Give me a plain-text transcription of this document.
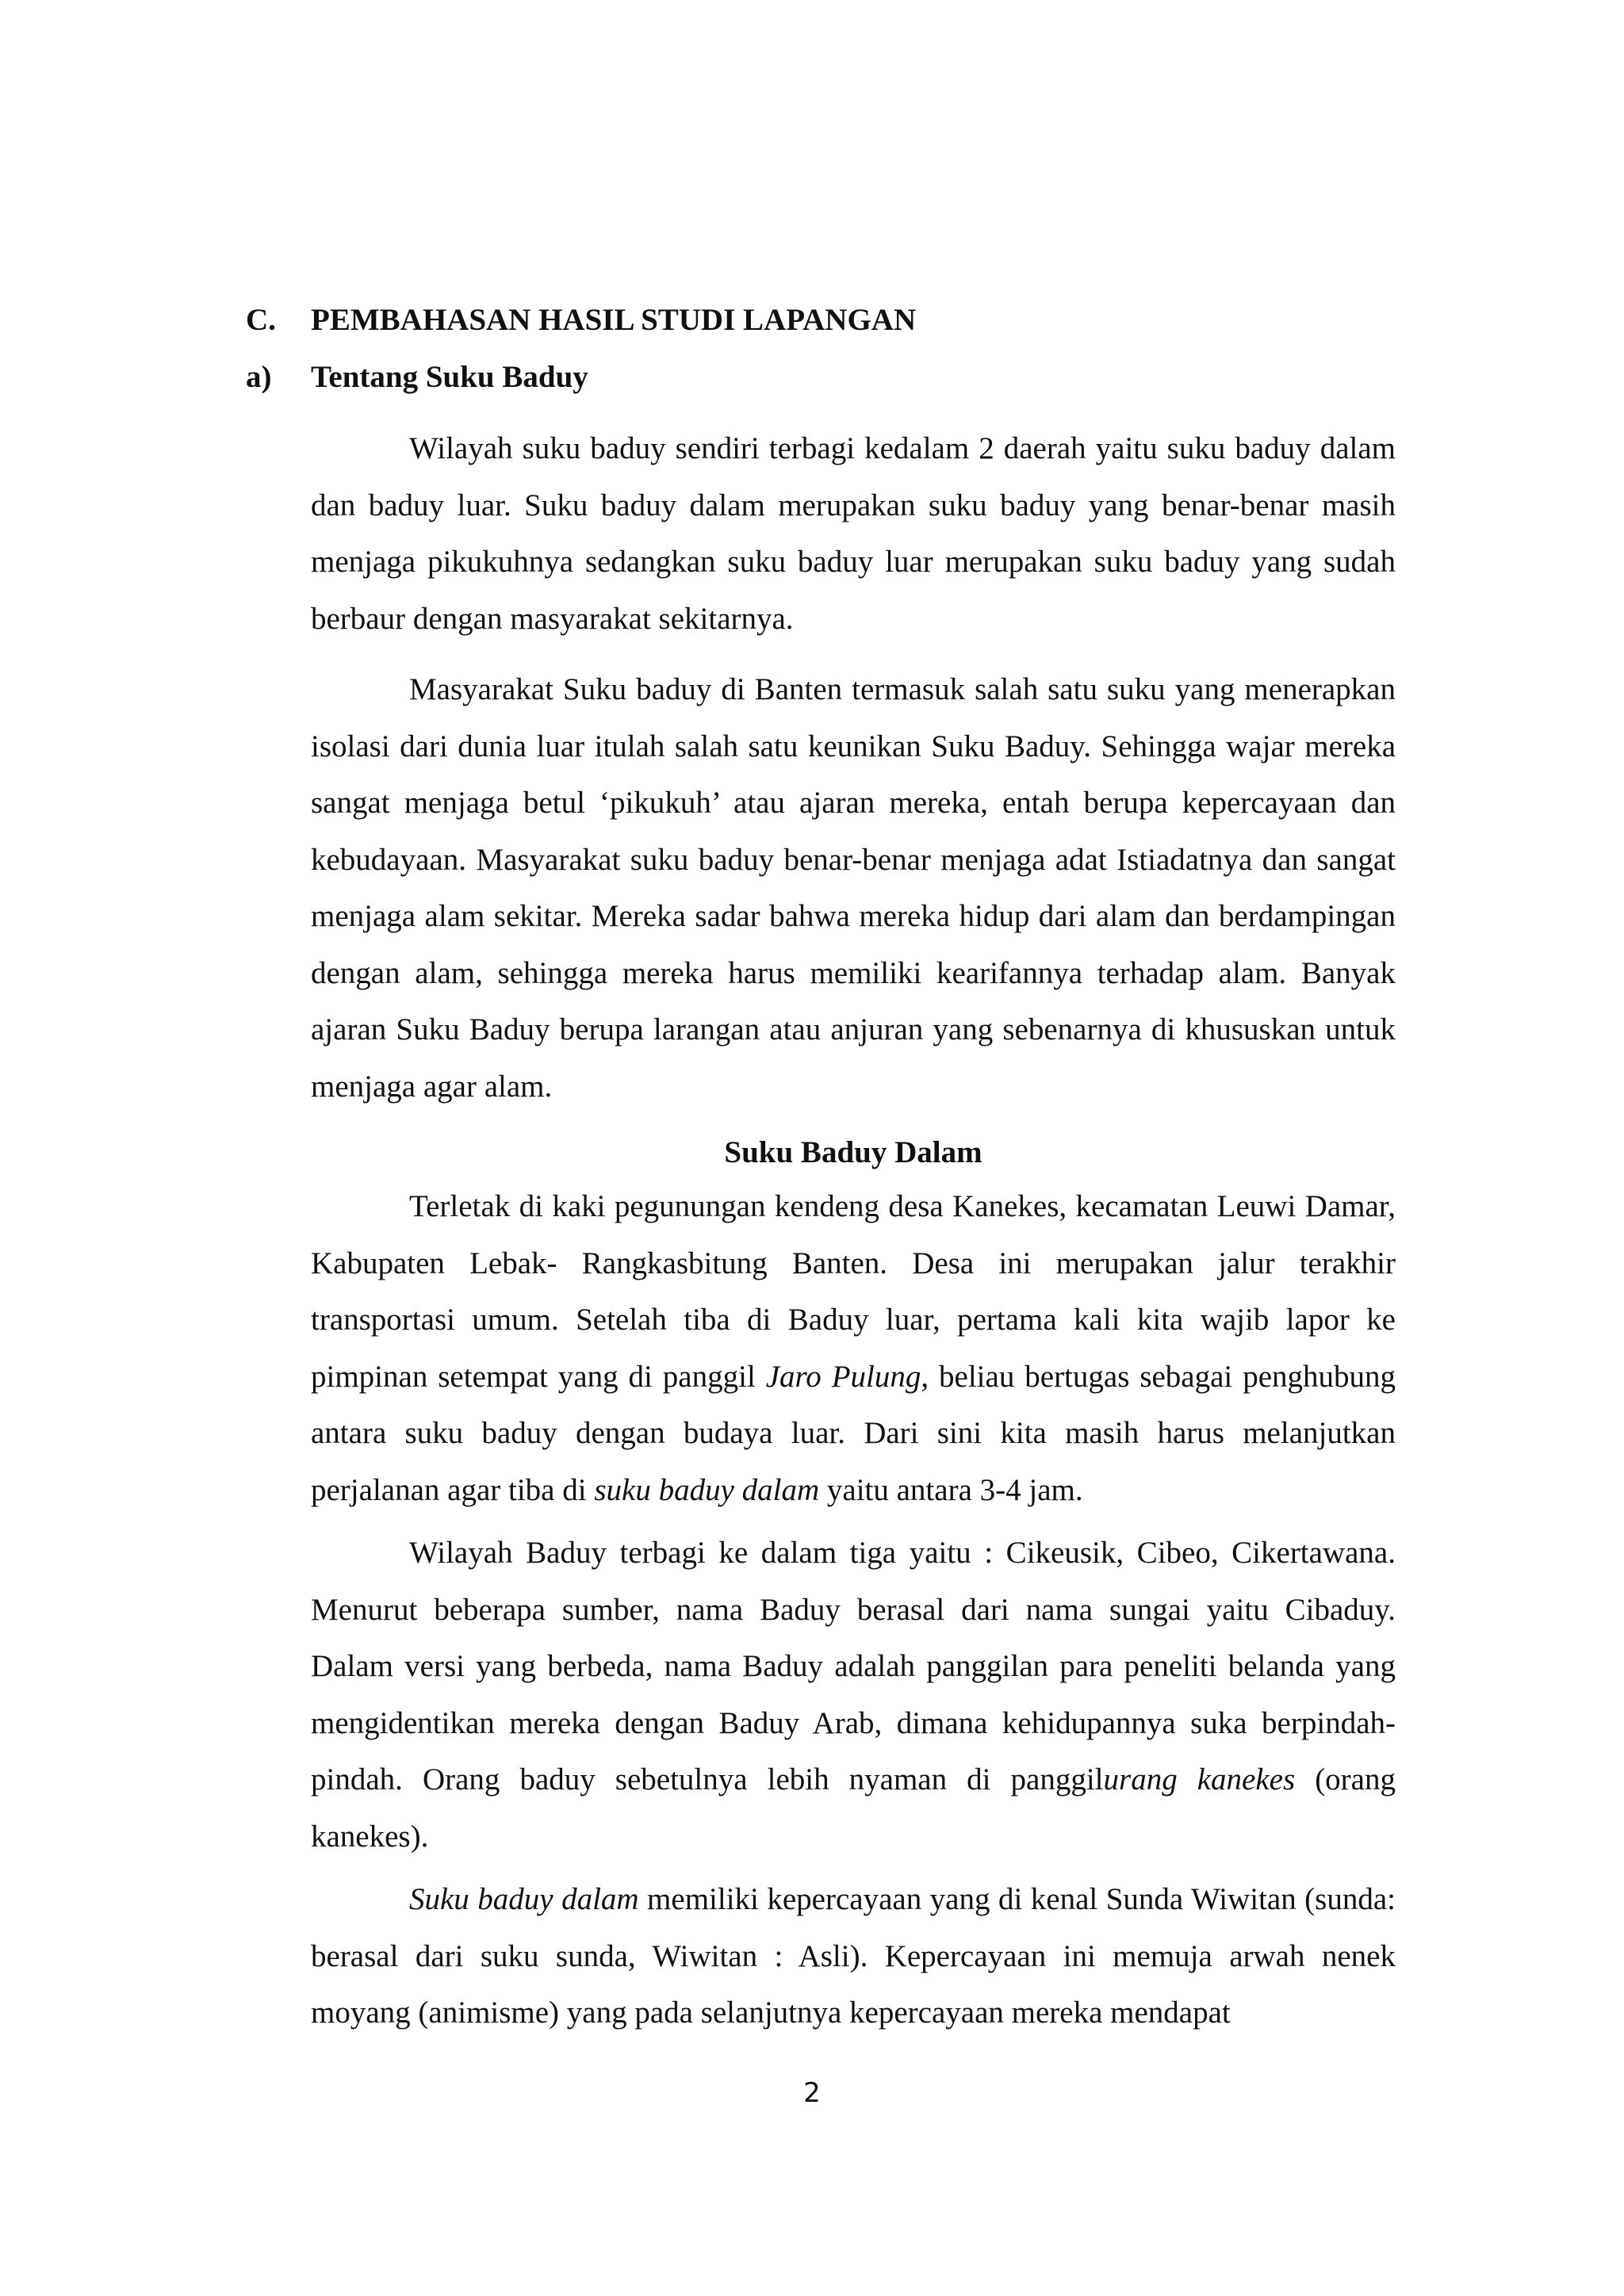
C.	PEMBAHASAN HASIL STUDI LAPANGAN
a)	Tentang Suku Baduy

Wilayah suku baduy sendiri terbagi kedalam 2 daerah yaitu suku baduy dalam dan baduy luar. Suku baduy dalam merupakan suku baduy yang benar-benar masih menjaga pikukuhnya sedangkan suku baduy luar merupakan suku baduy yang sudah berbaur dengan masyarakat sekitarnya.

Masyarakat Suku baduy di Banten termasuk salah satu suku yang menerapkan isolasi dari dunia luar itulah salah satu keunikan Suku Baduy. Sehingga wajar mereka sangat menjaga betul ‘pikukuh’ atau ajaran mereka, entah berupa kepercayaan dan kebudayaan. Masyarakat suku baduy benar-benar menjaga adat Istiadatnya dan sangat menjaga alam sekitar. Mereka sadar bahwa mereka hidup dari alam dan berdampingan dengan alam, sehingga mereka harus memiliki kearifannya terhadap alam. Banyak ajaran Suku Baduy berupa larangan atau anjuran yang sebenarnya di khususkan untuk menjaga agar alam.

Suku Baduy Dalam

Terletak di kaki pegunungan kendeng desa Kanekes, kecamatan Leuwi Damar, Kabupaten Lebak- Rangkasbitung Banten. Desa ini merupakan jalur terakhir transportasi umum. Setelah tiba di Baduy luar, pertama kali kita wajib lapor ke pimpinan setempat yang di panggil Jaro Pulung, beliau bertugas sebagai penghubung antara suku baduy dengan budaya luar. Dari sini kita masih harus melanjutkan perjalanan agar tiba di suku baduy dalam yaitu antara 3-4 jam.

Wilayah Baduy terbagi ke dalam tiga yaitu : Cikeusik, Cibeo, Cikertawana. Menurut beberapa sumber, nama Baduy berasal dari nama sungai yaitu Cibaduy. Dalam versi yang berbeda, nama Baduy adalah panggilan para peneliti belanda yang mengidentikan mereka dengan Baduy Arab, dimana kehidupannya suka berpindah-pindah. Orang baduy sebetulnya lebih nyaman di panggilurang kanekes (orang kanekes).

Suku baduy dalam memiliki kepercayaan yang di kenal Sunda Wiwitan (sunda: berasal dari suku sunda, Wiwitan : Asli). Kepercayaan ini memuja arwah nenek moyang (animisme) yang pada selanjutnya kepercayaan mereka mendapat

2
